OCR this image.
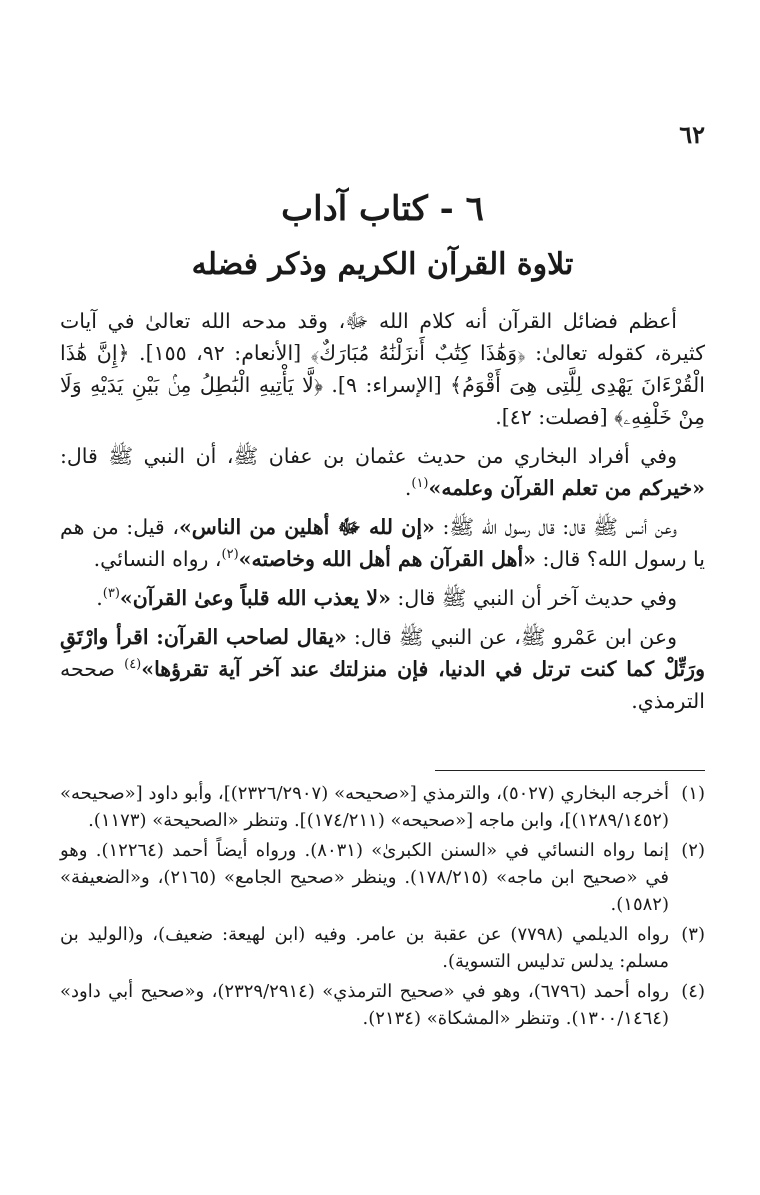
٦٢
٦ - كتاب آداب
تلاوة القرآن الكريم وذكر فضله

أعظم فضائل القرآن أنه كلام الله ﷻ، وقد مدحه الله تعالىٰ في آيات كثيرة، كقوله تعالىٰ: ﴿وَهَٰذَا كِتَٰبٌ أَنزَلْنَٰهُ مُبَارَكٌ﴾ [الأنعام: ٩٢، ١٥٥]. ﴿إِنَّ هَٰذَا الْقُرْءَانَ يَهْدِى لِلَّتِى هِىَ أَقْوَمُ﴾ [الإسراء: ٩]. ﴿لَّا يَأْتِيهِ الْبَٰطِلُ مِنۢ بَيْنِ يَدَيْهِ وَلَا مِنْ خَلْفِهِۦ﴾ [فصلت: ٤٢].

وفي أفراد البخاري من حديث عثمان بن عفان ﷺ، أن النبي ﷺ قال: «خيركم من تعلم القرآن وعلمه»$^{(١)}$.

وعن أنس ﷺ قال: قال رسول الله ﷺ: «إن لله ﷻ أهلين من الناس»، قيل: من هم يا رسول الله؟ قال: «أهل القرآن هم أهل الله وخاصته»$^{(٢)}$، رواه النسائي.

وفي حديث آخر أن النبي ﷺ قال: «لا يعذب الله قلباً وعىٰ القرآن»$^{(٣)}$.

وعن ابن عَمْرو ﷺ، عن النبي ﷺ قال: «يقال لصاحب القرآن: اقرأ وارْتَقِ ورَتِّلْ كما كنت ترتل في الدنيا، فإن منزلتك عند آخر آية تقرؤها»$^{(٤)}$ صححه الترمذي.

(١)
أخرجه البخاري (٥٠٢٧)، والترمذي [«صحيحه» (٢٣٢٦/٢٩٠٧)]، وأبو داود [«صحيحه» (١٢٨٩/١٤٥٢)]، وابن ماجه [«صحيحه» (١٧٤/٢١١)]. وتنظر «الصحيحة» (١١٧٣).
(٢)
إنما رواه النسائي في «السنن الكبرىٰ» (٨٠٣١). ورواه أيضاً أحمد (١٢٢٦٤). وهو في «صحيح ابن ماجه» (١٧٨/٢١٥). وينظر «صحيح الجامع» (٢١٦٥)، و«الضعيفة» (١٥٨٢).
(٣)
رواه الديلمي (٧٧٩٨) عن عقبة بن عامر. وفيه (ابن لهيعة: ضعيف)، و(الوليد بن مسلم: يدلس تدليس التسوية).
(٤)
رواه أحمد (٦٧٩٦)، وهو في «صحيح الترمذي» (٢٣٢٩/٢٩١٤)، و«صحيح أبي داود» (١٣٠٠/١٤٦٤). وتنظر «المشكاة» (٢١٣٤).
